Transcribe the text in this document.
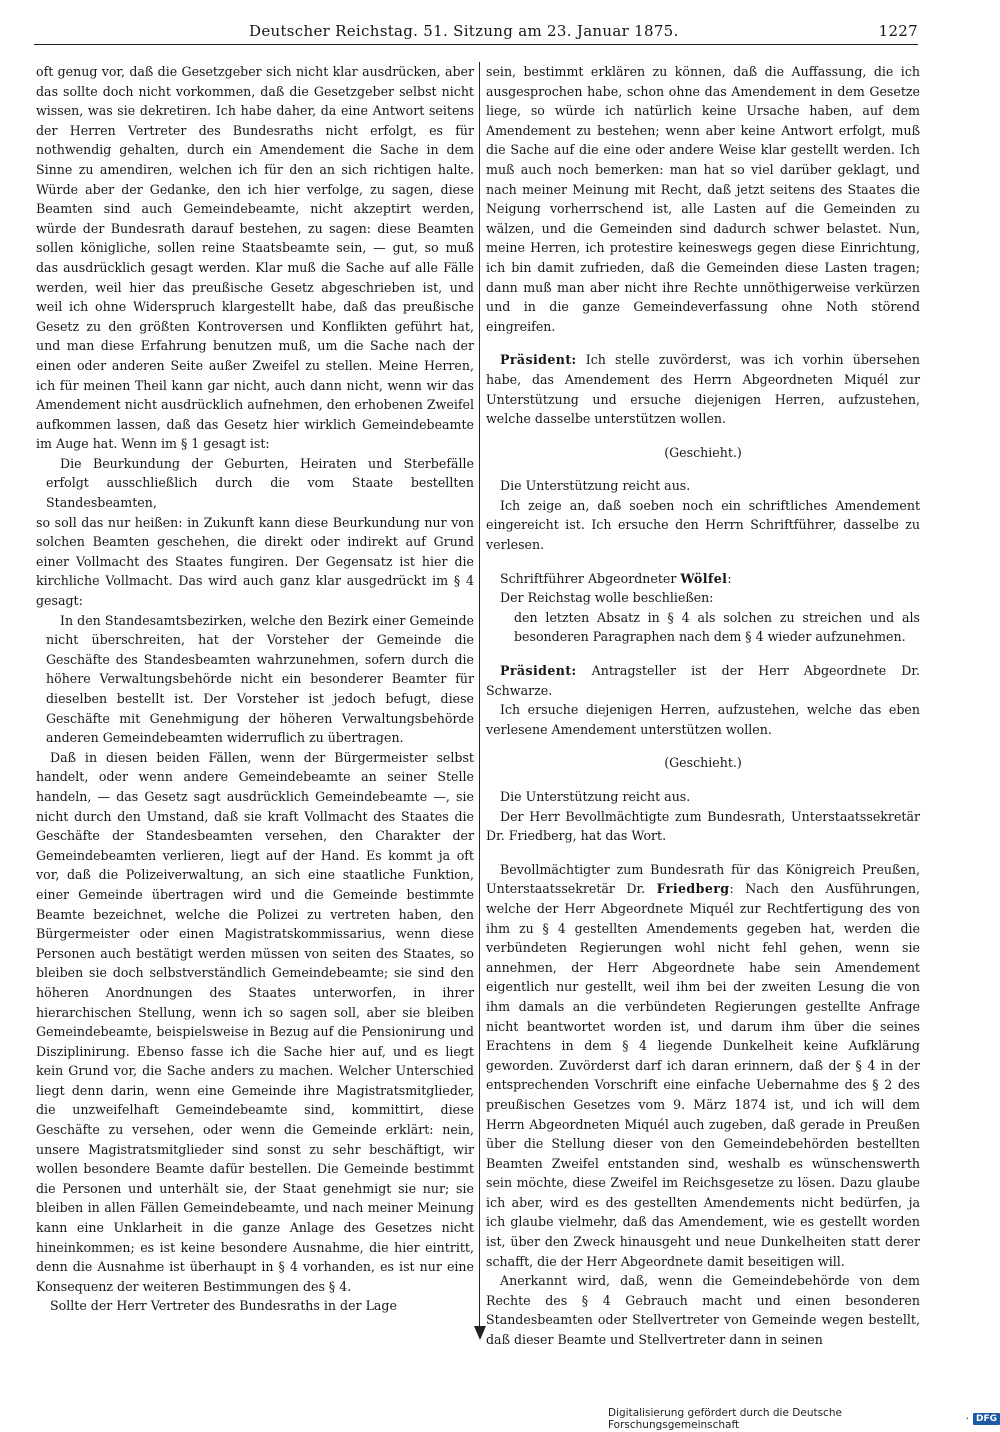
Deutscher Reichstag. 51. Sitzung am 23. Januar 1875.	1227

oft genug vor, daß die Gesetzgeber sich nicht klar ausdrücken, aber das sollte doch nicht vorkommen, daß die Gesetzgeber selbst nicht wissen, was sie dekretiren. Ich habe daher, da eine Antwort seitens der Herren Vertreter des Bundesraths nicht erfolgt, es für nothwendig gehalten, durch ein Amendement die Sache in dem Sinne zu amendiren, welchen ich für den an sich richtigen halte. Würde aber der Gedanke, den ich hier verfolge, zu sagen, diese Beamten sind auch Gemeindebeamte, nicht akzeptirt werden, würde der Bundesrath darauf bestehen, zu sagen: diese Beamten sollen königliche, sollen reine Staatsbeamte sein, — gut, so muß das ausdrücklich gesagt werden. Klar muß die Sache auf alle Fälle werden, weil hier das preußische Gesetz abgeschrieben ist, und weil ich ohne Widerspruch klargestellt habe, daß das preußische Gesetz zu den größten Kontroversen und Konflikten geführt hat, und man diese Erfahrung benutzen muß, um die Sache nach der einen oder anderen Seite außer Zweifel zu stellen. Meine Herren, ich für meinen Theil kann gar nicht, auch dann nicht, wenn wir das Amendement nicht ausdrücklich aufnehmen, den erhobenen Zweifel aufkommen lassen, daß das Gesetz hier wirklich Gemeindebeamte im Auge hat. Wenn im § 1 gesagt ist:

Die Beurkundung der Geburten, Heiraten und Sterbefälle erfolgt ausschließlich durch die vom Staate bestellten Standesbeamten,

so soll das nur heißen: in Zukunft kann diese Beurkundung nur von solchen Beamten geschehen, die direkt oder indirekt auf Grund einer Vollmacht des Staates fungiren. Der Gegensatz ist hier die kirchliche Vollmacht. Das wird auch ganz klar ausgedrückt im § 4 gesagt:

In den Standesamtsbezirken, welche den Bezirk einer Gemeinde nicht überschreiten, hat der Vorsteher der Gemeinde die Geschäfte des Standesbeamten wahrzunehmen, sofern durch die höhere Verwaltungsbehörde nicht ein besonderer Beamter für dieselben bestellt ist. Der Vorsteher ist jedoch befugt, diese Geschäfte mit Genehmigung der höheren Verwaltungsbehörde anderen Gemeindebeamten widerruflich zu übertragen.

Daß in diesen beiden Fällen, wenn der Bürgermeister selbst handelt, oder wenn andere Gemeindebeamte an seiner Stelle handeln, — das Gesetz sagt ausdrücklich Gemeindebeamte —, sie nicht durch den Umstand, daß sie kraft Vollmacht des Staates die Geschäfte der Standesbeamten versehen, den Charakter der Gemeindebeamten verlieren, liegt auf der Hand. Es kommt ja oft vor, daß die Polizeiverwaltung, an sich eine staatliche Funktion, einer Gemeinde übertragen wird und die Gemeinde bestimmte Beamte bezeichnet, welche die Polizei zu vertreten haben, den Bürgermeister oder einen Magistratskommissarius, wenn diese Personen auch bestätigt werden müssen von seiten des Staates, so bleiben sie doch selbstverständlich Gemeindebeamte; sie sind den höheren Anordnungen des Staates unterworfen, in ihrer hierarchischen Stellung, wenn ich so sagen soll, aber sie bleiben Gemeindebeamte, beispielsweise in Bezug auf die Pensionirung und Disziplinirung. Ebenso fasse ich die Sache hier auf, und es liegt kein Grund vor, die Sache anders zu machen. Welcher Unterschied liegt denn darin, wenn eine Gemeinde ihre Magistratsmitglieder, die unzweifelhaft Gemeindebeamte sind, kommittirt, diese Geschäfte zu versehen, oder wenn die Gemeinde erklärt: nein, unsere Magistratsmitglieder sind sonst zu sehr beschäftigt, wir wollen besondere Beamte dafür bestellen. Die Gemeinde bestimmt die Personen und unterhält sie, der Staat genehmigt sie nur; sie bleiben in allen Fällen Gemeindebeamte, und nach meiner Meinung kann eine Unklarheit in die ganze Anlage des Gesetzes nicht hineinkommen; es ist keine besondere Ausnahme, die hier eintritt, denn die Ausnahme ist überhaupt in § 4 vorhanden, es ist nur eine Konsequenz der weiteren Bestimmungen des § 4.

Sollte der Herr Vertreter des Bundesraths in der Lage

sein, bestimmt erklären zu können, daß die Auffassung, die ich ausgesprochen habe, schon ohne das Amendement in dem Gesetze liege, so würde ich natürlich keine Ursache haben, auf dem Amendement zu bestehen; wenn aber keine Antwort erfolgt, muß die Sache auf die eine oder andere Weise klar gestellt werden. Ich muß auch noch bemerken: man hat so viel darüber geklagt, und nach meiner Meinung mit Recht, daß jetzt seitens des Staates die Neigung vorherrschend ist, alle Lasten auf die Gemeinden zu wälzen, und die Gemeinden sind dadurch schwer belastet. Nun, meine Herren, ich protestire keineswegs gegen diese Einrichtung, ich bin damit zufrieden, daß die Gemeinden diese Lasten tragen; dann muß man aber nicht ihre Rechte unnöthigerweise verkürzen und in die ganze Gemeindeverfassung ohne Noth störend eingreifen.

Präsident: Ich stelle zuvörderst, was ich vorhin übersehen habe, das Amendement des Herrn Abgeordneten Miquél zur Unterstützung und ersuche diejenigen Herren, aufzustehen, welche dasselbe unterstützen wollen.

(Geschieht.)

Die Unterstützung reicht aus.

Ich zeige an, daß soeben noch ein schriftliches Amendement eingereicht ist. Ich ersuche den Herrn Schriftführer, dasselbe zu verlesen.

Schriftführer Abgeordneter Wölfel:

Der Reichstag wolle beschließen:

den letzten Absatz in § 4 als solchen zu streichen und als besonderen Paragraphen nach dem § 4 wieder aufzunehmen.

Präsident: Antragsteller ist der Herr Abgeordnete Dr. Schwarze.

Ich ersuche diejenigen Herren, aufzustehen, welche das eben verlesene Amendement unterstützen wollen.

(Geschieht.)

Die Unterstützung reicht aus.

Der Herr Bevollmächtigte zum Bundesrath, Unterstaatssekretär Dr. Friedberg, hat das Wort.

Bevollmächtigter zum Bundesrath für das Königreich Preußen, Unterstaatssekretär Dr. Friedberg: Nach den Ausführungen, welche der Herr Abgeordnete Miquél zur Rechtfertigung des von ihm zu § 4 gestellten Amendements gegeben hat, werden die verbündeten Regierungen wohl nicht fehl gehen, wenn sie annehmen, der Herr Abgeordnete habe sein Amendement eigentlich nur gestellt, weil ihm bei der zweiten Lesung die von ihm damals an die verbündeten Regierungen gestellte Anfrage nicht beantwortet worden ist, und darum ihm über die seines Erachtens in dem § 4 liegende Dunkelheit keine Aufklärung geworden. Zuvörderst darf ich daran erinnern, daß der § 4 in der entsprechenden Vorschrift eine einfache Uebernahme des § 2 des preußischen Gesetzes vom 9. März 1874 ist, und ich will dem Herrn Abgeordneten Miquél auch zugeben, daß gerade in Preußen über die Stellung dieser von den Gemeindebehörden bestellten Beamten Zweifel entstanden sind, weshalb es wünschenswerth sein möchte, diese Zweifel im Reichsgesetze zu lösen. Dazu glaube ich aber, wird es des gestellten Amendements nicht bedürfen, ja ich glaube vielmehr, daß das Amendement, wie es gestellt worden ist, über den Zweck hinausgeht und neue Dunkelheiten statt derer schafft, die der Herr Abgeordnete damit beseitigen will.

Anerkannt wird, daß, wenn die Gemeindebehörde von dem Rechte des § 4 Gebrauch macht und einen besonderen Standesbeamten oder Stellvertreter von Gemeinde wegen bestellt, daß dieser Beamte und Stellvertreter dann in seinen

Digitalisierung gefördert durch die Deutsche Forschungsgemeinschaft	· DFG
